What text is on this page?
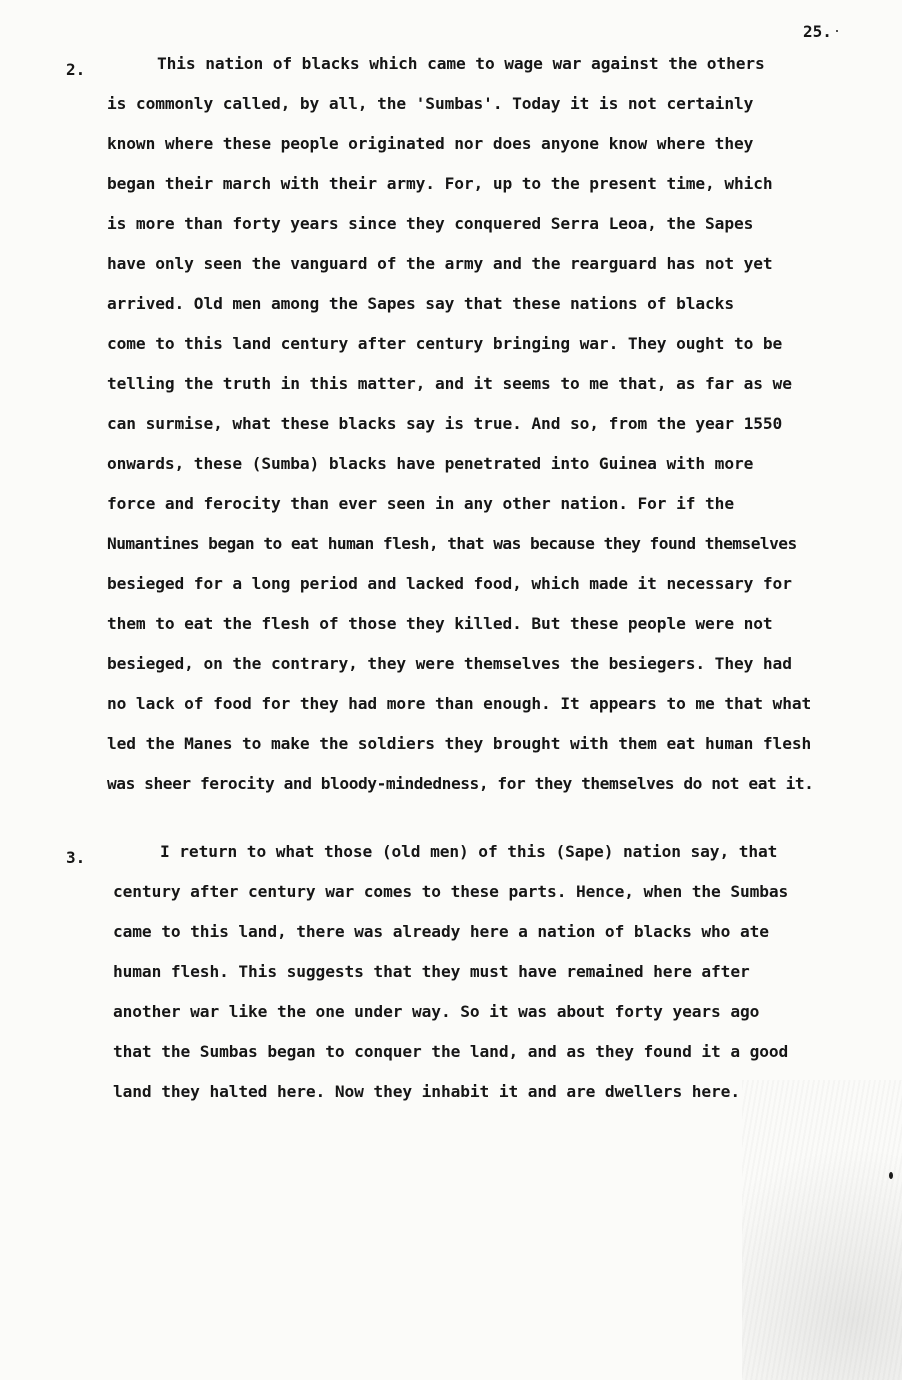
25.
2.	This nation of blacks which came to wage war against the others
is commonly called, by all, the 'Sumbas'. Today it is not certainly
known where these people originated nor does anyone know where they
began their march with their army. For, up to the present time, which
is more than forty years since they conquered Serra Leoa, the Sapes
have only seen the vanguard of the army and the rearguard has not yet
arrived. Old men among the Sapes say that these nations of blacks
come to this land century after century bringing war. They ought to be
telling the truth in this matter, and it seems to me that, as far as we
can surmise, what these blacks say is true. And so, from the year 1550
onwards, these (Sumba) blacks have penetrated into Guinea with more
force and ferocity than ever seen in any other nation. For if the
Numantines began to eat human flesh, that was because they found themselves
besieged for a long period and lacked food, which made it necessary for
them to eat the flesh of those they killed. But these people were not
besieged, on the contrary, they were themselves the besiegers. They had
no lack of food for they had more than enough. It appears to me that what
led the Manes to make the soldiers they brought with them eat human flesh
was sheer ferocity and bloody-mindedness, for they themselves do not eat it.
3.	I return to what those (old men) of this (Sape) nation say, that
century after century war comes to these parts. Hence, when the Sumbas
came to this land, there was already here a nation of blacks who ate
human flesh. This suggests that they must have remained here after
another war like the one under way. So it was about forty years ago
that the Sumbas began to conquer the land, and as they found it a good
land they halted here. Now they inhabit it and are dwellers here.
